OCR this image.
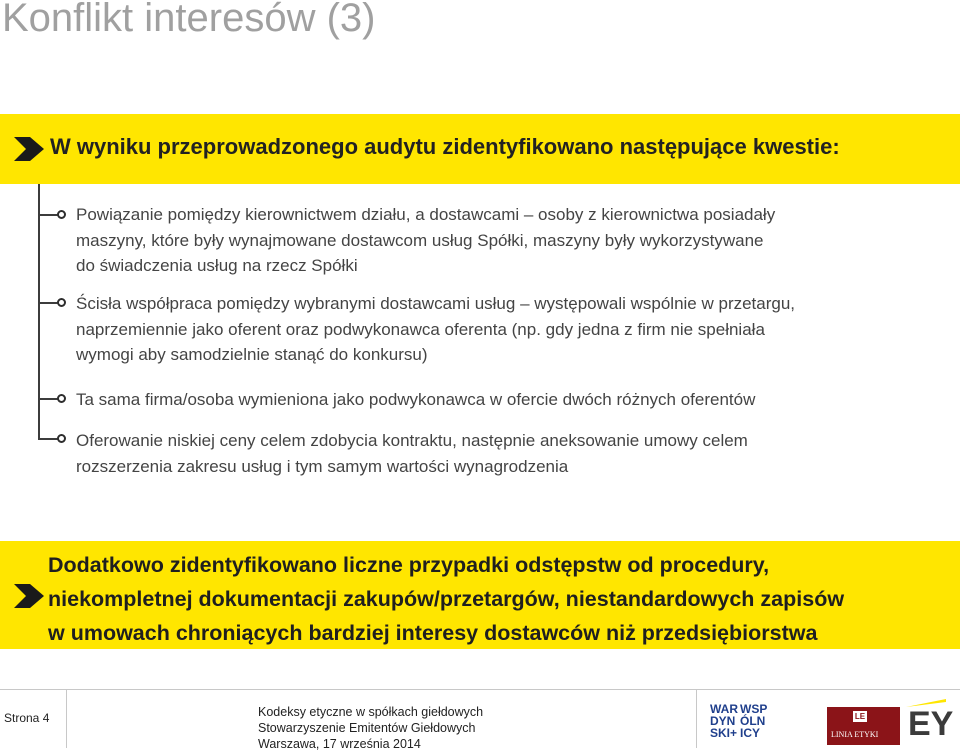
Konflikt interesów (3)
W wyniku przeprowadzonego audytu zidentyfikowano następujące kwestie:
Powiązanie pomiędzy kierownictwem działu, a dostawcami – osoby z kierownictwa posiadały
maszyny, które były wynajmowane dostawcom usług Spółki, maszyny były wykorzystywane
do świadczenia usług na rzecz Spółki
Ścisła współpraca pomiędzy wybranymi dostawcami usług – występowali wspólnie w przetargu,
naprzemiennie jako oferent oraz podwykonawca oferenta (np. gdy jedna z firm nie spełniała
wymogi aby samodzielnie stanąć do konkursu)
Ta sama firma/osoba wymieniona jako podwykonawca w ofercie dwóch różnych oferentów
Oferowanie niskiej ceny celem zdobycia kontraktu, następnie aneksowanie umowy celem
rozszerzenia zakresu usług i tym samym wartości wynagrodzenia
Dodatkowo zidentyfikowano liczne przypadki odstępstw od procedury,
niekompletnej dokumentacji zakupów/przetargów, niestandardowych zapisów
w umowach chroniących bardziej interesy dostawców niż przedsiębiorstwa
Strona 4	Kodeksy etyczne w spółkach giełdowych
Stowarzyszenie Emitentów Giełdowych
Warszawa, 17 września 2014
WAR
DYN
SKI+
WSP
ÓLN
ICY
LE
LINIA ETYKI EY
